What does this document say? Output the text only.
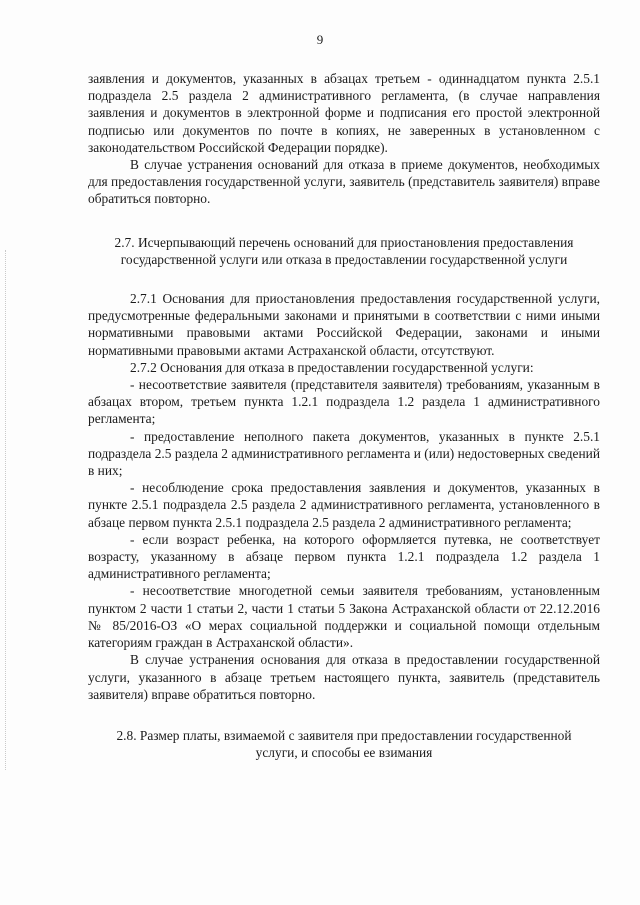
9

заявления и документов, указанных в абзацах третьем - одиннадцатом пункта 2.5.1 подраздела 2.5 раздела 2 административного регламента, (в случае направления заявления и документов в электронной форме и подписания его простой электронной подписью или документов по почте в копиях, не заверенных в установленном с законодательством Российской Федерации порядке).

В случае устранения оснований для отказа в приеме документов, необходимых для предоставления государственной услуги, заявитель (представитель заявителя) вправе обратиться повторно.

2.7. Исчерпывающий перечень оснований для приостановления предоставления государственной услуги или отказа в предоставлении государственной услуги

2.7.1 Основания для приостановления предоставления государственной услуги, предусмотренные федеральными законами и принятыми в соответствии с ними иными нормативными правовыми актами Российской Федерации, законами и иными нормативными правовыми актами Астраханской области, отсутствуют.

2.7.2 Основания для отказа в предоставлении государственной услуги:

- несоответствие заявителя (представителя заявителя) требованиям, указанным в абзацах втором, третьем пункта 1.2.1 подраздела 1.2 раздела 1 административного регламента;

- предоставление неполного пакета документов, указанных в пункте 2.5.1 подраздела 2.5 раздела 2 административного регламента и (или) недостоверных сведений в них;

- несоблюдение срока предоставления заявления и документов, указанных в пункте 2.5.1 подраздела 2.5 раздела 2 административного регламента, установленного в абзаце первом пункта 2.5.1 подраздела 2.5 раздела 2 административного регламента;

- если возраст ребенка, на которого оформляется путевка, не соответствует возрасту, указанному в абзаце первом пункта 1.2.1 подраздела 1.2 раздела 1 административного регламента;

- несоответствие многодетной семьи заявителя требованиям, установленным пунктом 2 части 1 статьи 2, части 1 статьи 5 Закона Астраханской области от 22.12.2016 № 85/2016-ОЗ «О мерах социальной поддержки и социальной помощи отдельным категориям граждан в Астраханской области».

В случае устранения основания для отказа в предоставлении государственной услуги, указанного в абзаце третьем настоящего пункта, заявитель (представитель заявителя) вправе обратиться повторно.

2.8. Размер платы, взимаемой с заявителя при предоставлении государственной услуги, и способы ее взимания
